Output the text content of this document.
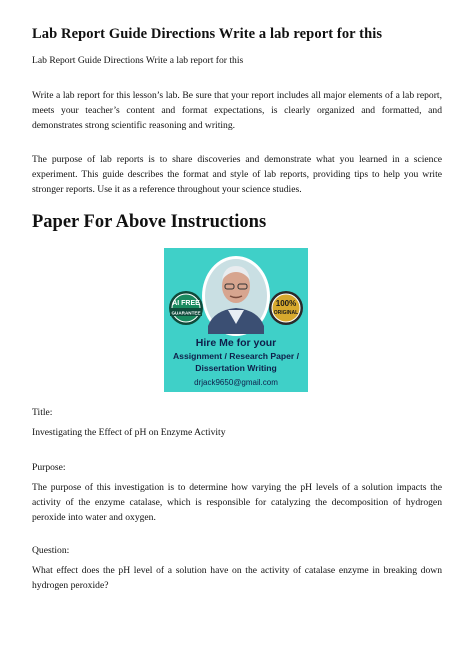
Lab Report Guide Directions Write a lab report for this
Lab Report Guide Directions Write a lab report for this
Write a lab report for this lesson’s lab. Be sure that your report includes all major elements of a lab report, meets your teacher’s content and format expectations, is clearly organized and formatted, and demonstrates strong scientific reasoning and writing.
The purpose of lab reports is to share discoveries and demonstrate what you learned in a science experiment. This guide describes the format and style of lab reports, providing tips to help you write stronger reports. Use it as a reference throughout your science studies.
Paper For Above Instructions
AI FREE
GUARANTEE
100%
ORIGINAL
Hire Me for your
Assignment / Research Paper /
Dissertation Writing
drjack9650@gmail.com
Title:
Investigating the Effect of pH on Enzyme Activity
Purpose:
The purpose of this investigation is to determine how varying the pH levels of a solution impacts the activity of the enzyme catalase, which is responsible for catalyzing the decomposition of hydrogen peroxide into water and oxygen.
Question:
What effect does the pH level of a solution have on the activity of catalase enzyme in breaking down hydrogen peroxide?
